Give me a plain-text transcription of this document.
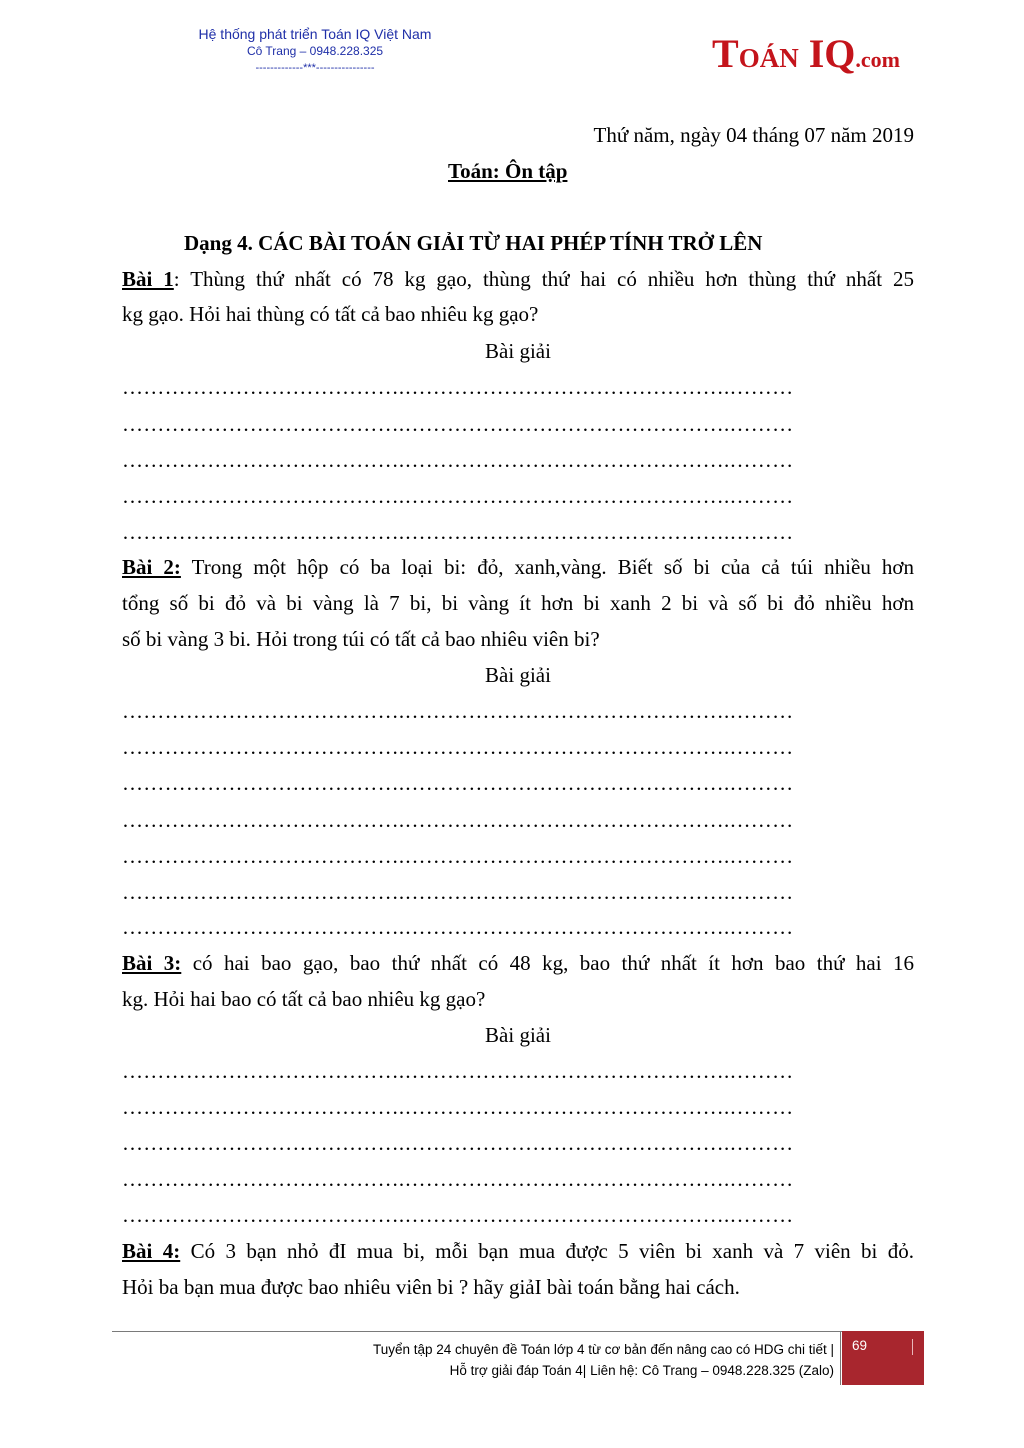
Hệ thống phát triển Toán IQ Việt Nam
Cô Trang – 0948.228.325
-------------***----------------	TOÁN IQ.com
Thứ năm, ngày 04 tháng 07 năm 2019
Toán: Ôn tập
Dạng 4. CÁC BÀI TOÁN GIẢI TỪ HAI PHÉP TÍNH TRỞ LÊN
Bài 1: Thùng thứ nhất có 78 kg gạo, thùng thứ hai có nhiều hơn thùng thứ nhất 25
kg gạo. Hỏi hai thùng có tất cả bao nhiêu kg gạo?
Bài giải
………………………………….……………………………………….………
………………………………….……………………………………….………
………………………………….……………………………………….………
………………………………….……………………………………….………
………………………………….……………………………………….………
Bài 2: Trong một hộp có ba loại bi: đỏ, xanh,vàng. Biết số bi của cả túi nhiều hơn
tổng số bi đỏ và bi vàng là 7 bi, bi vàng ít hơn bi xanh 2 bi và số bi đỏ nhiều hơn
số bi vàng 3 bi. Hỏi trong túi có tất cả bao nhiêu viên bi?
Bài giải
………………………………….……………………………………….………
………………………………….……………………………………….………
………………………………….……………………………………….………
………………………………….……………………………………….………
………………………………….……………………………………….………
………………………………….……………………………………….………
………………………………….……………………………………….………
Bài 3: có hai bao gạo, bao thứ nhất có 48 kg, bao thứ nhất ít hơn bao thứ hai 16
kg. Hỏi hai bao có tất cả bao nhiêu kg gạo?
Bài giải
………………………………….……………………………………….………
………………………………….……………………………………….………
………………………………….……………………………………….………
………………………………….……………………………………….………
………………………………….……………………………………….………
Bài 4: Có 3 bạn nhỏ đI mua bi, mỗi bạn mua được 5 viên bi xanh và 7 viên bi đỏ.
Hỏi ba bạn mua được bao nhiêu viên bi ? hãy giảI bài toán bằng hai cách.
Tuyển tập 24 chuyên đề Toán lớp 4 từ cơ bản đến nâng cao có HDG chi tiết |
Hỗ trợ giải đáp Toán 4| Liên hệ: Cô Trang – 0948.228.325 (Zalo)
69
